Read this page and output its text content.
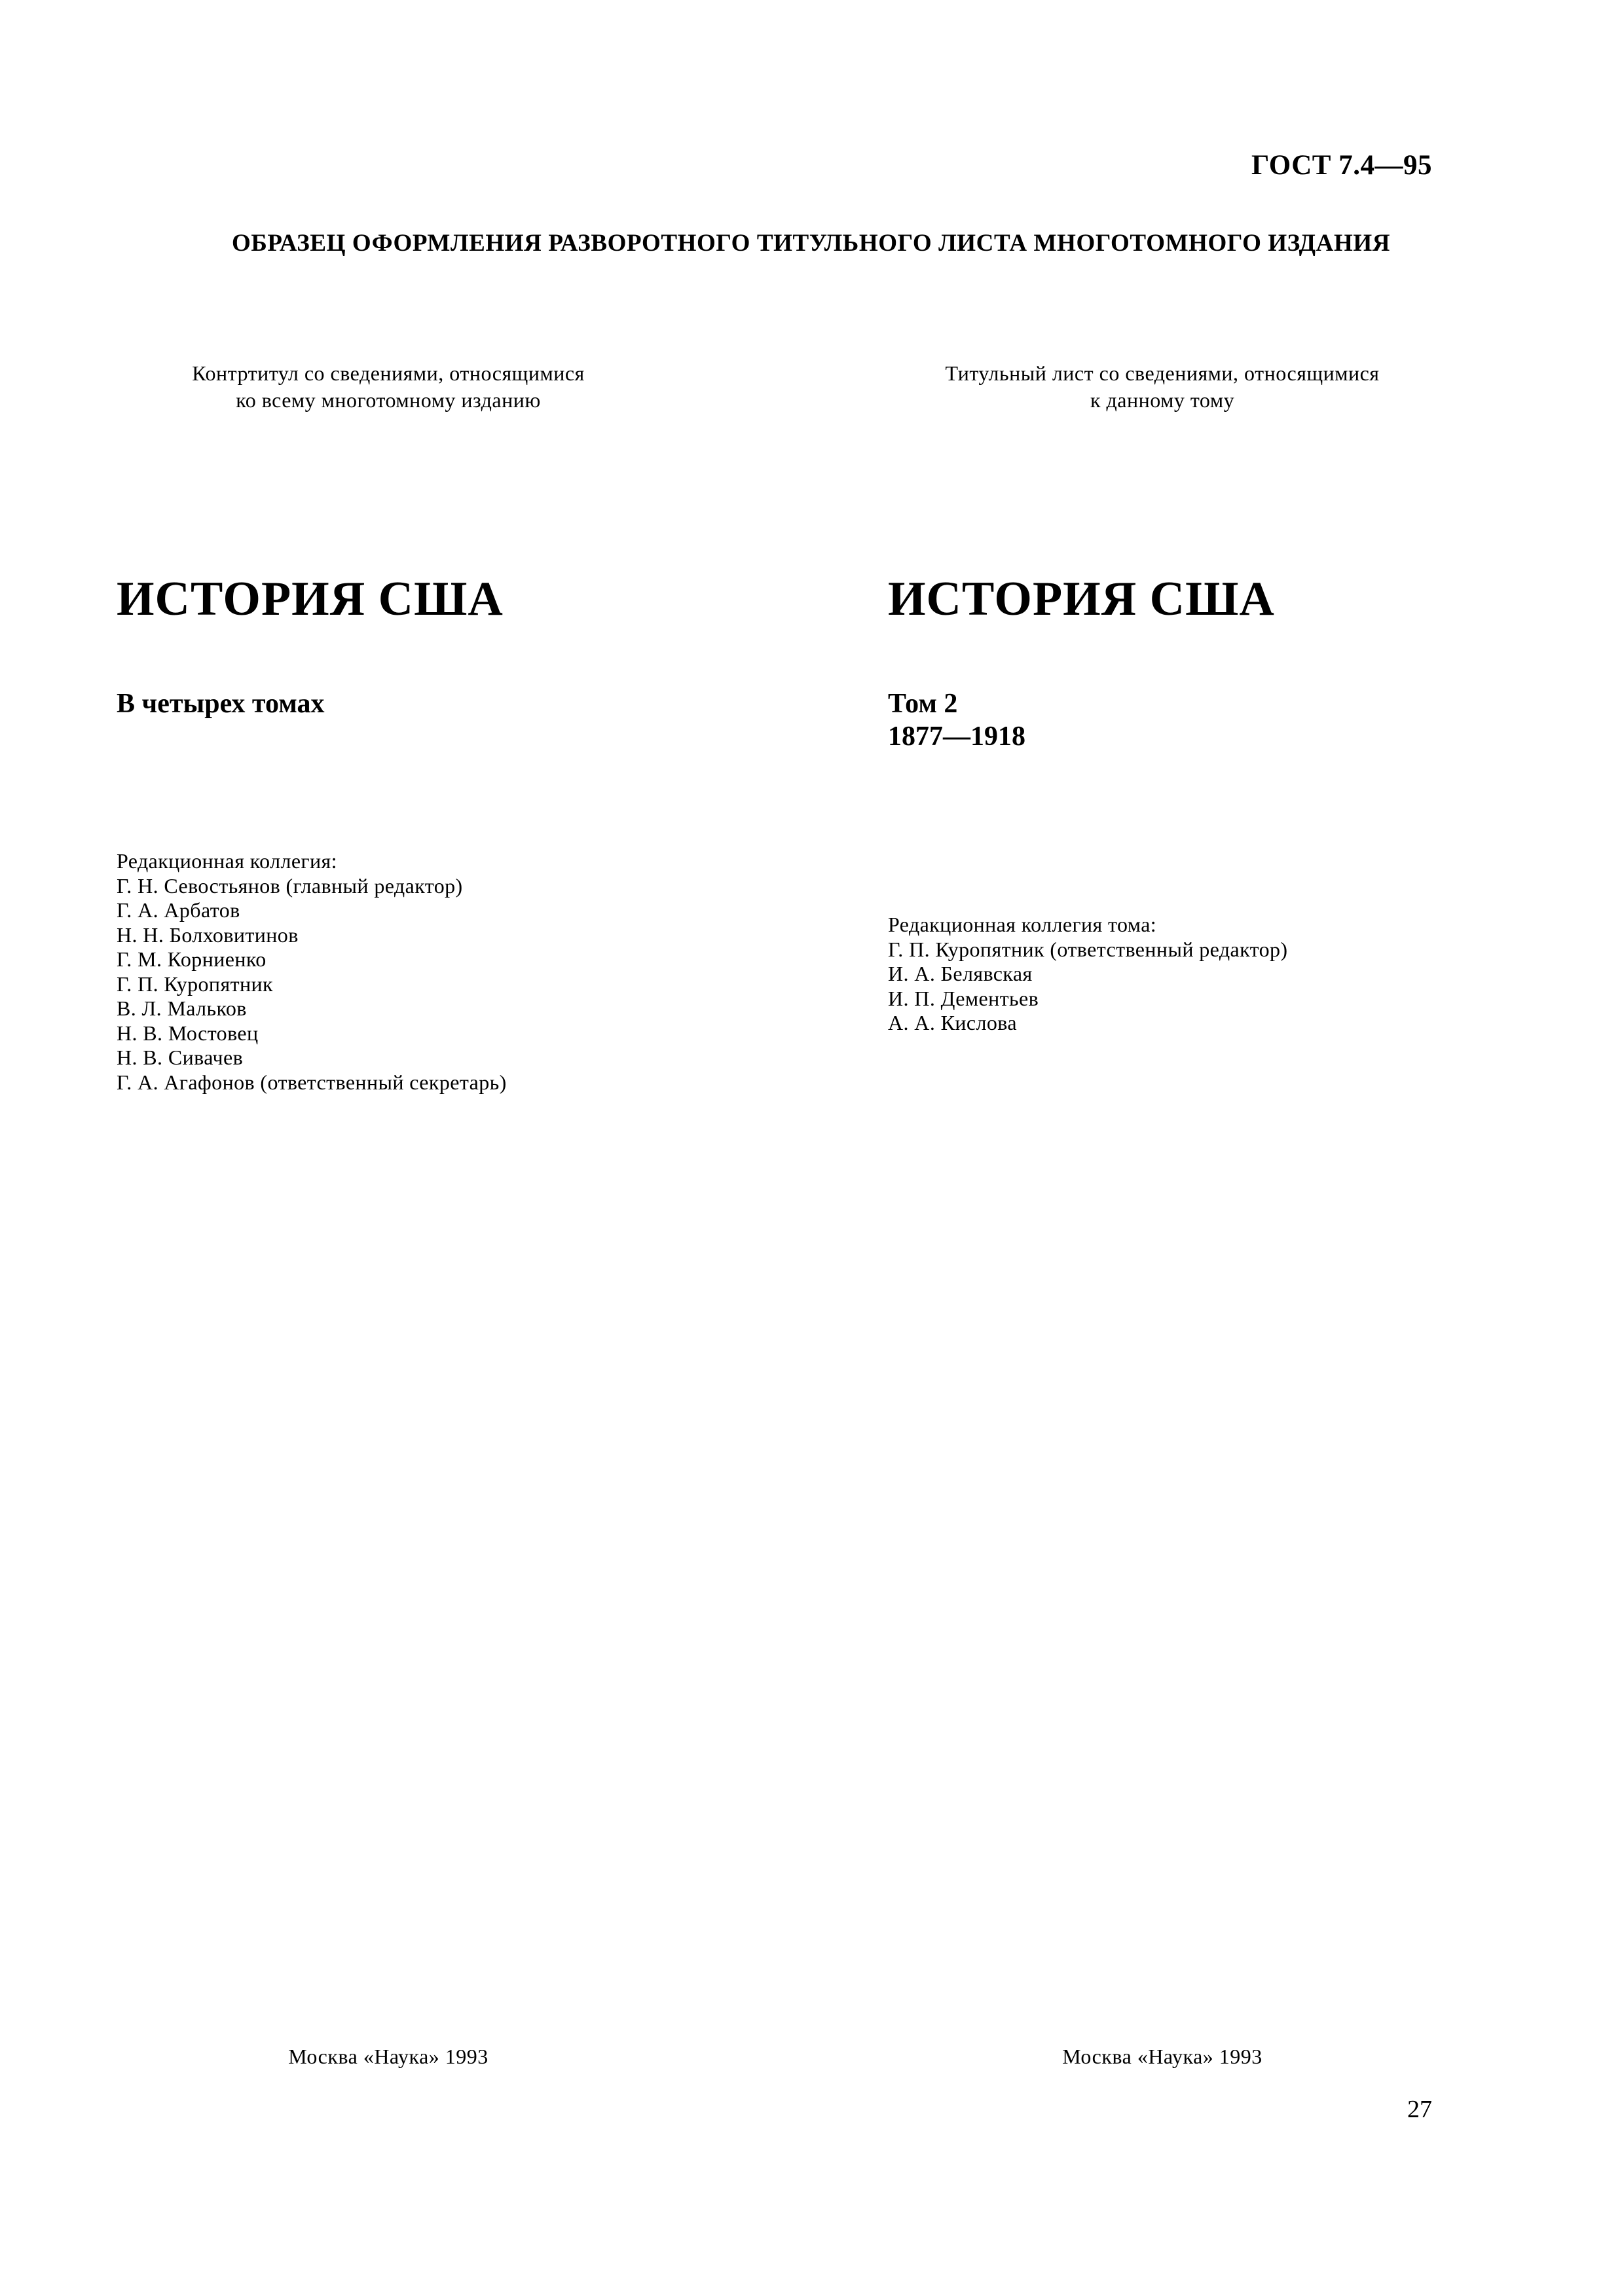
ГОСТ 7.4—95
ОБРАЗЕЦ ОФОРМЛЕНИЯ РАЗВОРОТНОГО ТИТУЛЬНОГО ЛИСТА МНОГОТОМНОГО ИЗДАНИЯ
Контртитул со сведениями, относящимися
ко всему многотомному изданию
ИСТОРИЯ США
В четырех томах
Редакционная коллегия:
Г. Н. Севостьянов (главный редактор)
Г. А. Арбатов
Н. Н. Болховитинов
Г. М. Корниенко
Г. П. Куропятник
В. Л. Мальков
Н. В. Мостовец
Н. В. Сивачев
Г. А. Агафонов (ответственный секретарь)
Москва «Наука» 1993
Титульный лист со сведениями, относящимися
к данному тому
ИСТОРИЯ США
Том 2
1877—1918
Редакционная коллегия тома:
Г. П. Куропятник (ответственный редактор)
И. А. Белявская
И. П. Дементьев
А. А. Кислова
Москва «Наука» 1993
27
